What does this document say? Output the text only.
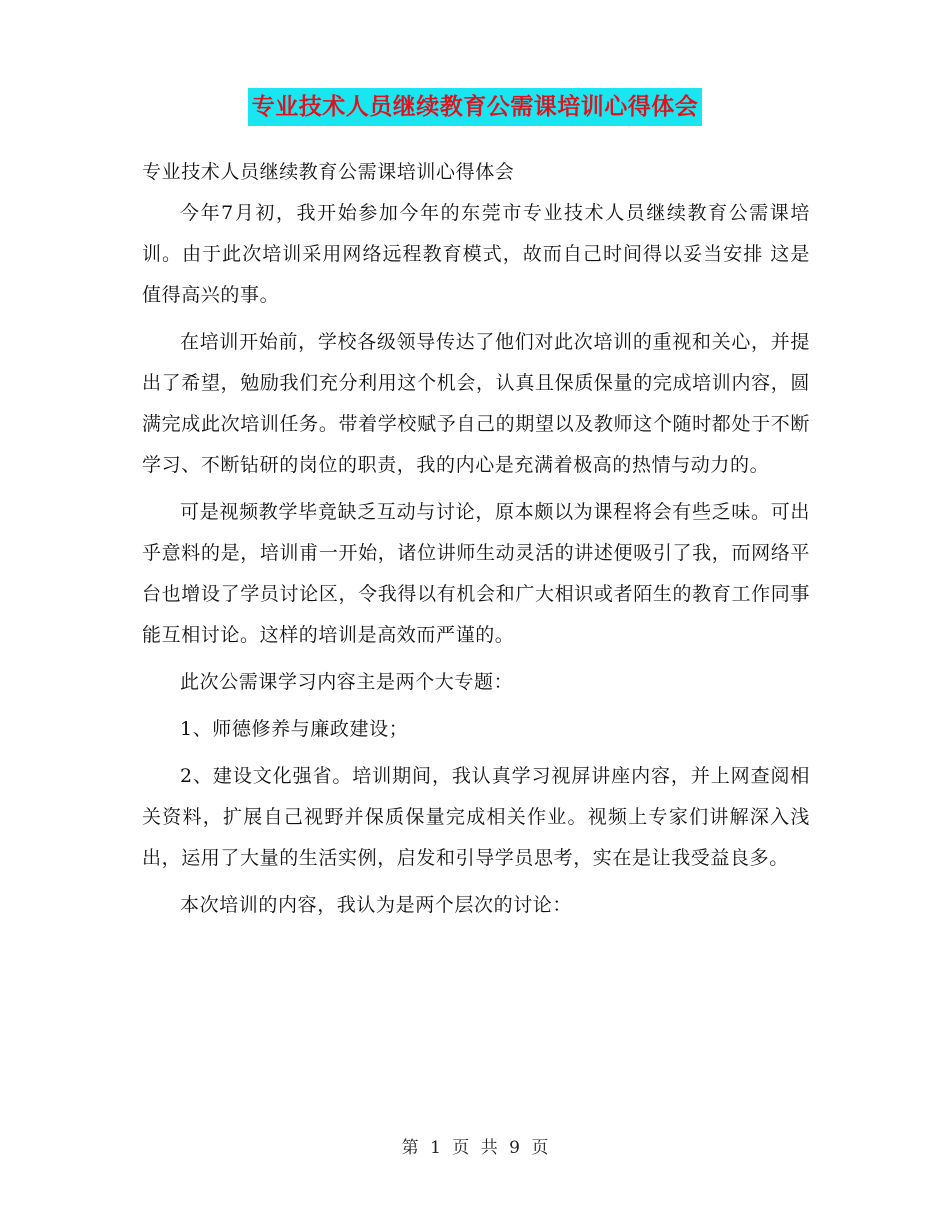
专业技术人员继续教育公需课培训心得体会

专业技术人员继续教育公需课培训心得体会

今年7月初，我开始参加今年的东莞市专业技术人员继续教育公需课培训。由于此次培训采用网络远程教育模式，故而自己时间得以妥当安排 这是值得高兴的事。

在培训开始前，学校各级领导传达了他们对此次培训的重视和关心，并提出了希望，勉励我们充分利用这个机会，认真且保质保量的完成培训内容，圆满完成此次培训任务。带着学校赋予自己的期望以及教师这个随时都处于不断学习、不断钻研的岗位的职责，我的内心是充满着极高的热情与动力的。

可是视频教学毕竟缺乏互动与讨论，原本颇以为课程将会有些乏味。可出乎意料的是，培训甫一开始，诸位讲师生动灵活的讲述便吸引了我，而网络平台也增设了学员讨论区，令我得以有机会和广大相识或者陌生的教育工作同事能互相讨论。这样的培训是高效而严谨的。

此次公需课学习内容主是两个大专题：

1、师德修养与廉政建设；

2、建设文化强省。培训期间，我认真学习视屏讲座内容，并上网查阅相关资料，扩展自己视野并保质保量完成相关作业。视频上专家们讲解深入浅出，运用了大量的生活实例，启发和引导学员思考，实在是让我受益良多。

本次培训的内容，我认为是两个层次的讨论：

第 1 页 共 9 页
